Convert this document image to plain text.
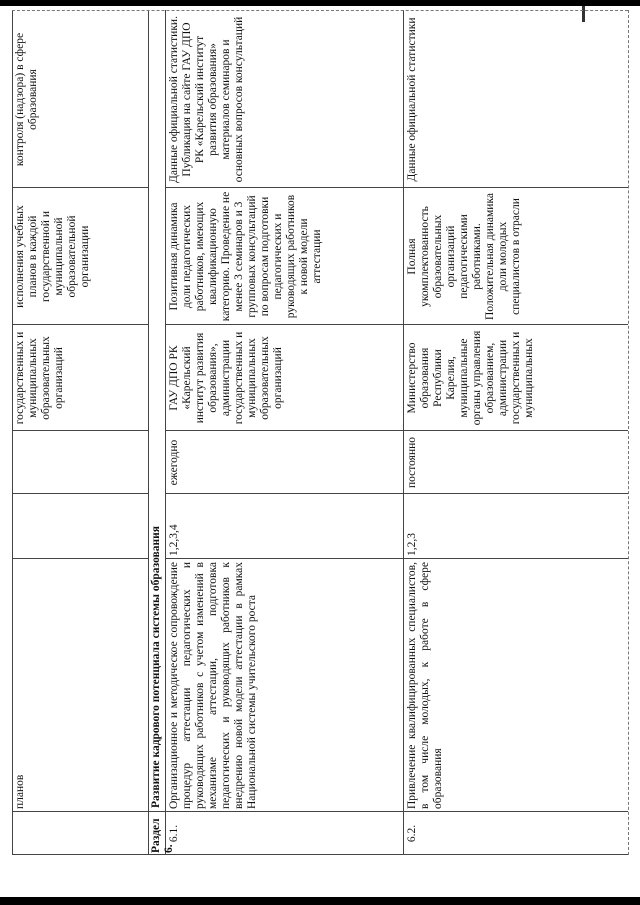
планов
государственных и муниципальных образовательных организаций
исполнения учебных планов в каждой государственной и муниципальной образовательной организации
Раздел 6.
Развитие кадрового потенциала системы образования
6.1.
Организационное и методическое сопровождение процедур аттестации педагогических и руководящих работников с учетом изменений в механизме аттестации, подготовка педагогических и руководящих работников к внедрению новой модели аттестации в рамках Национальной системы учительского роста
1,2,3,4
ежегодно
ГАУ ДПО РК «Карельский институт развития образования», администрации государственных и муниципальных образовательных организаций
Позитивная динамика доли педагогических работников, имеющих квалификационную категорию. Проведение не менее 3 семинаров и 3 групповых консультаций по вопросам подготовки педагогических и руководящих работников к новой модели аттестации
Данные официальной статистики. Публикация на сайте ГАУ ДПО РК «Карельский институт развития образования» материалов семинаров и основных вопросов консультаций
6.2.
Привлечение квалифицированных специалистов, в том числе молодых, к работе в сфере образования
1,2,3
постоянно
Министерство образования Республики Карелия, муниципальные органы управления образованием, администрации государственных и муниципальных
Полная укомплектованность образовательных организаций педагогическими работниками. Положительная динамика доли молодых специалистов в отрасли
Данные официальной статистики
контроля (надзора) в сфере образования
